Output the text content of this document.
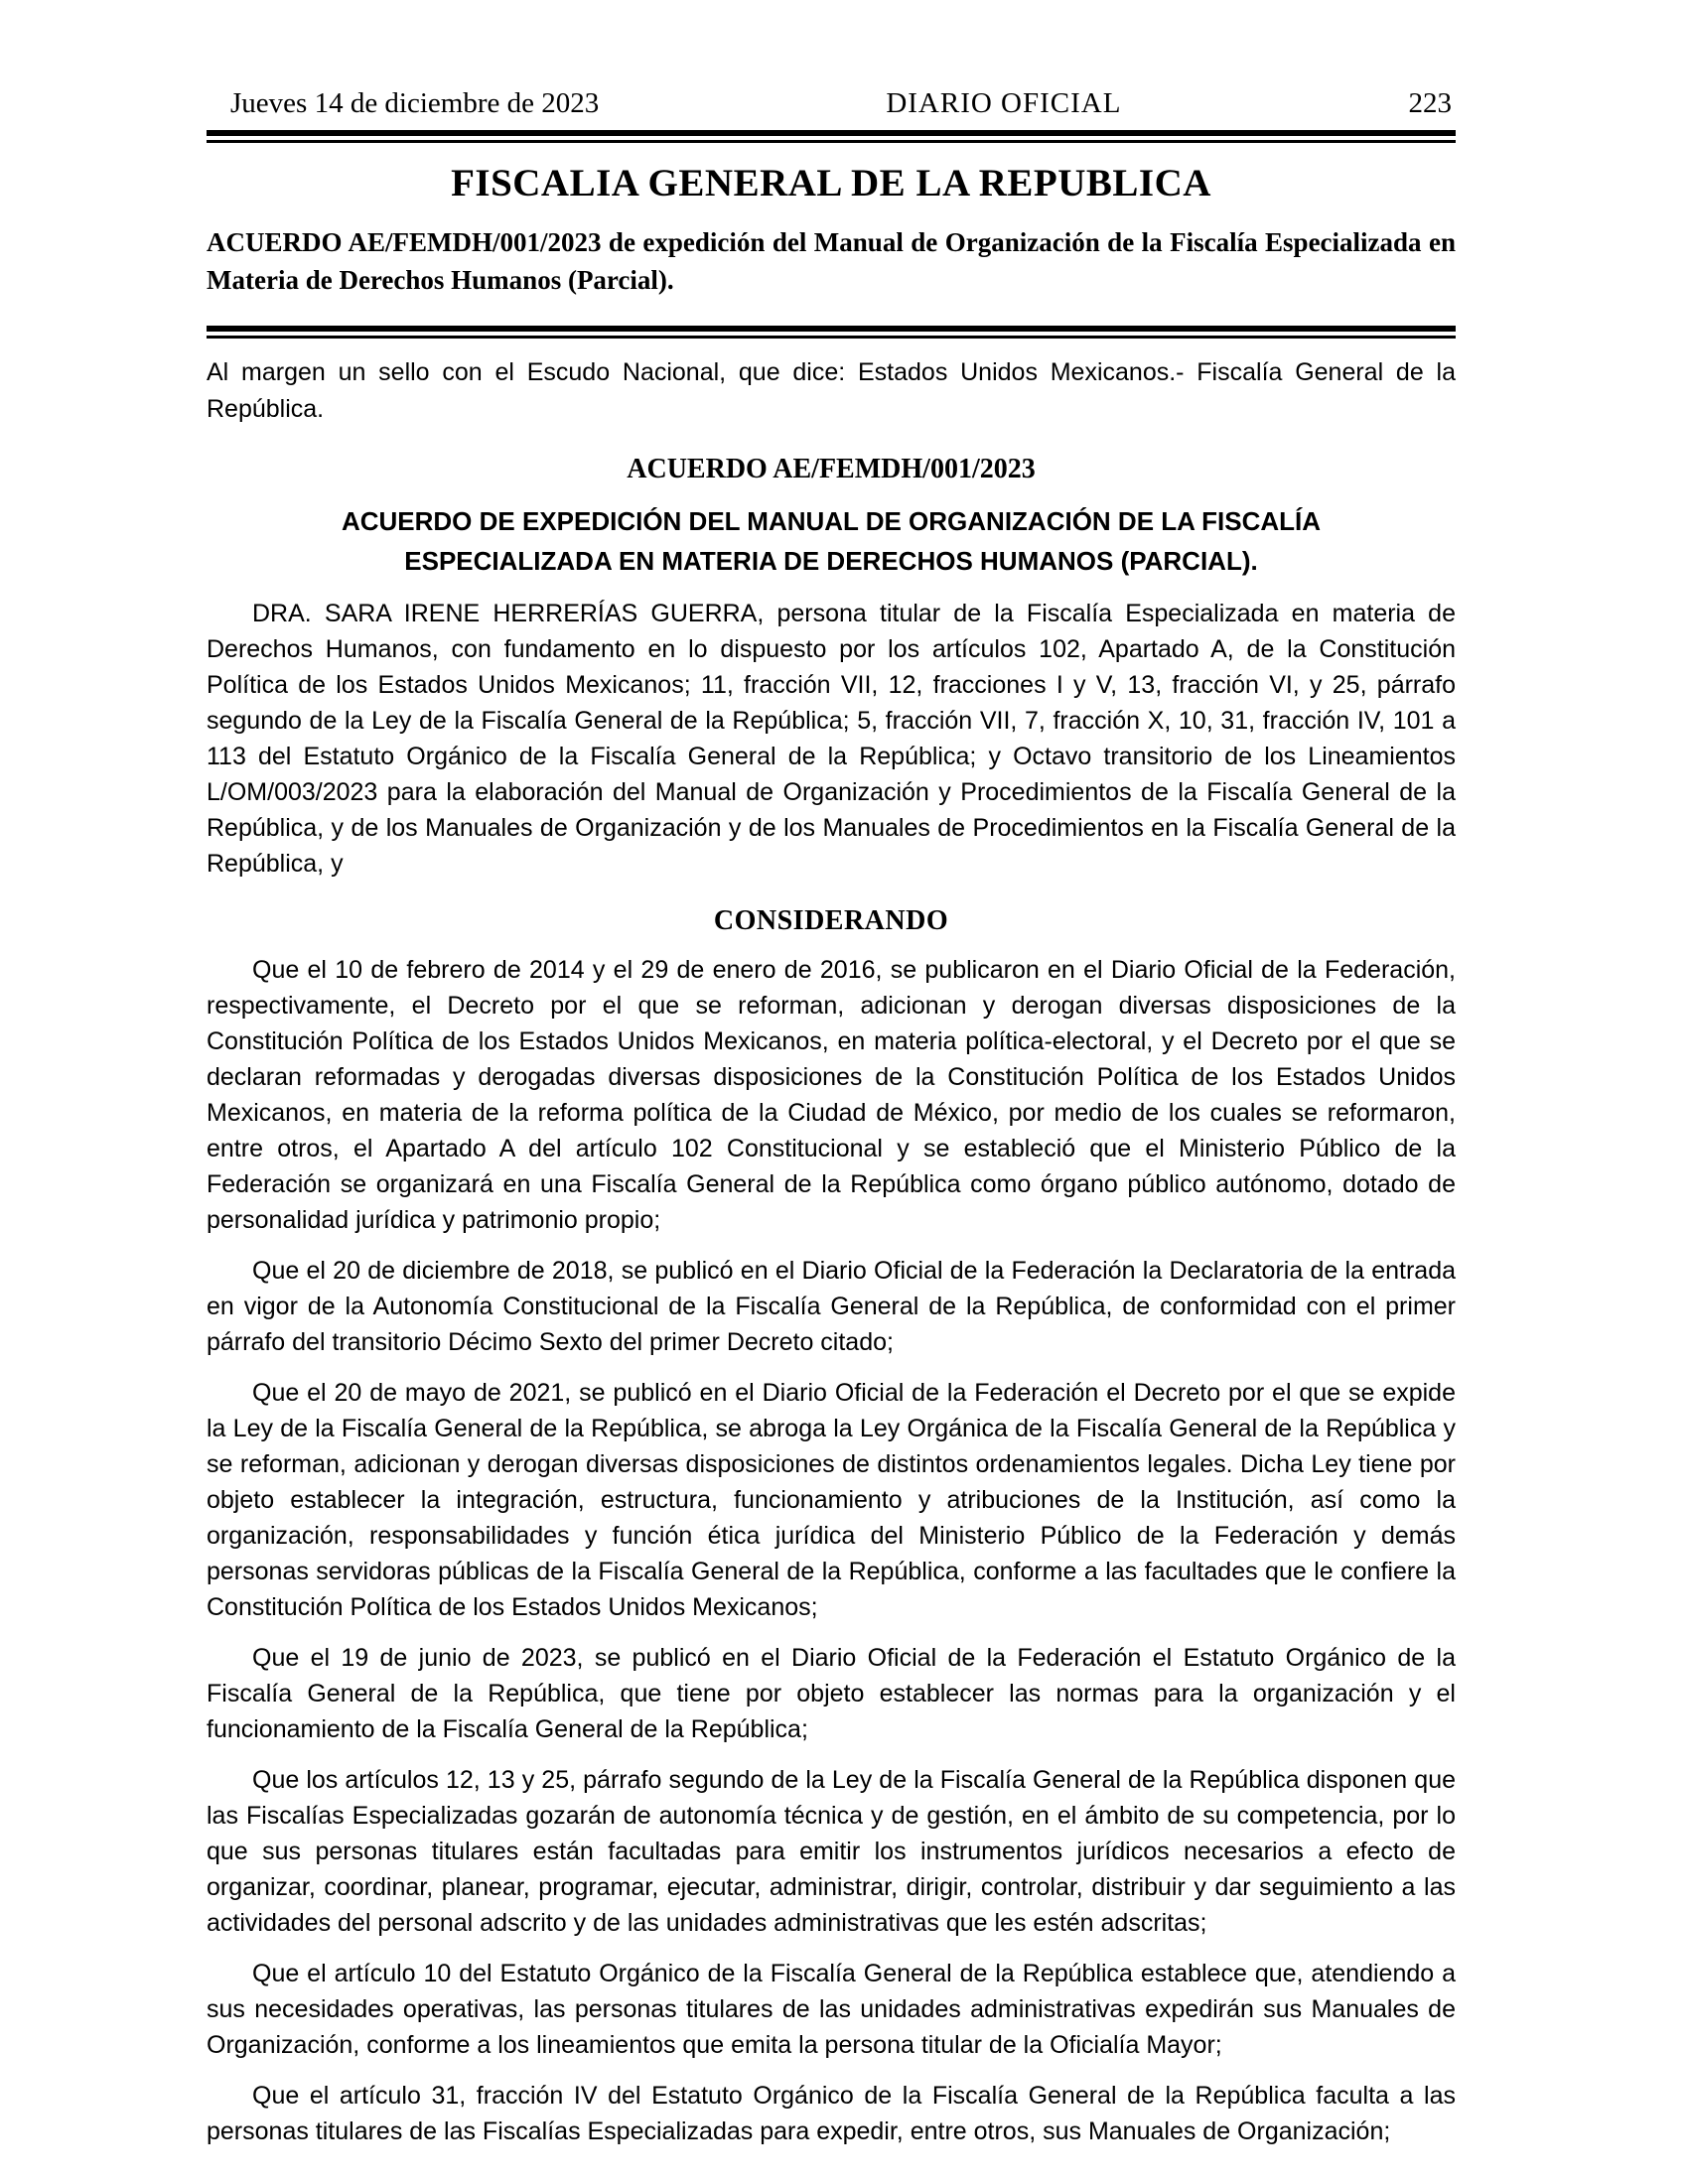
Jueves 14 de diciembre de 2023	DIARIO OFICIAL	223
FISCALIA GENERAL DE LA REPUBLICA

ACUERDO AE/FEMDH/001/2023 de expedición del Manual de Organización de la Fiscalía Especializada en Materia de Derechos Humanos (Parcial).

Al margen un sello con el Escudo Nacional, que dice: Estados Unidos Mexicanos.- Fiscalía General de la República.

ACUERDO AE/FEMDH/001/2023
ACUERDO DE EXPEDICIÓN DEL MANUAL DE ORGANIZACIÓN DE LA FISCALÍA
ESPECIALIZADA EN MATERIA DE DERECHOS HUMANOS (PARCIAL).

DRA. SARA IRENE HERRERÍAS GUERRA, persona titular de la Fiscalía Especializada en materia de Derechos Humanos, con fundamento en lo dispuesto por los artículos 102, Apartado A, de la Constitución Política de los Estados Unidos Mexicanos; 11, fracción VII, 12, fracciones I y V, 13, fracción VI, y 25, párrafo segundo de la Ley de la Fiscalía General de la República; 5, fracción VII, 7, fracción X, 10, 31, fracción IV, 101 a 113 del Estatuto Orgánico de la Fiscalía General de la República; y Octavo transitorio de los Lineamientos L/OM/003/2023 para la elaboración del Manual de Organización y Procedimientos de la Fiscalía General de la República, y de los Manuales de Organización y de los Manuales de Procedimientos en la Fiscalía General de la República, y

CONSIDERANDO

Que el 10 de febrero de 2014 y el 29 de enero de 2016, se publicaron en el Diario Oficial de la Federación, respectivamente, el Decreto por el que se reforman, adicionan y derogan diversas disposiciones de la Constitución Política de los Estados Unidos Mexicanos, en materia política-electoral, y el Decreto por el que se declaran reformadas y derogadas diversas disposiciones de la Constitución Política de los Estados Unidos Mexicanos, en materia de la reforma política de la Ciudad de México, por medio de los cuales se reformaron, entre otros, el Apartado A del artículo 102 Constitucional y se estableció que el Ministerio Público de la Federación se organizará en una Fiscalía General de la República como órgano público autónomo, dotado de personalidad jurídica y patrimonio propio;

Que el 20 de diciembre de 2018, se publicó en el Diario Oficial de la Federación la Declaratoria de la entrada en vigor de la Autonomía Constitucional de la Fiscalía General de la República, de conformidad con el primer párrafo del transitorio Décimo Sexto del primer Decreto citado;

Que el 20 de mayo de 2021, se publicó en el Diario Oficial de la Federación el Decreto por el que se expide la Ley de la Fiscalía General de la República, se abroga la Ley Orgánica de la Fiscalía General de la República y se reforman, adicionan y derogan diversas disposiciones de distintos ordenamientos legales. Dicha Ley tiene por objeto establecer la integración, estructura, funcionamiento y atribuciones de la Institución, así como la organización, responsabilidades y función ética jurídica del Ministerio Público de la Federación y demás personas servidoras públicas de la Fiscalía General de la República, conforme a las facultades que le confiere la Constitución Política de los Estados Unidos Mexicanos;

Que el 19 de junio de 2023, se publicó en el Diario Oficial de la Federación el Estatuto Orgánico de la Fiscalía General de la República, que tiene por objeto establecer las normas para la organización y el funcionamiento de la Fiscalía General de la República;

Que los artículos 12, 13 y 25, párrafo segundo de la Ley de la Fiscalía General de la República disponen que las Fiscalías Especializadas gozarán de autonomía técnica y de gestión, en el ámbito de su competencia, por lo que sus personas titulares están facultadas para emitir los instrumentos jurídicos necesarios a efecto de organizar, coordinar, planear, programar, ejecutar, administrar, dirigir, controlar, distribuir y dar seguimiento a las actividades del personal adscrito y de las unidades administrativas que les estén adscritas;

Que el artículo 10 del Estatuto Orgánico de la Fiscalía General de la República establece que, atendiendo a sus necesidades operativas, las personas titulares de las unidades administrativas expedirán sus Manuales de Organización, conforme a los lineamientos que emita la persona titular de la Oficialía Mayor;

Que el artículo 31, fracción IV del Estatuto Orgánico de la Fiscalía General de la República faculta a las personas titulares de las Fiscalías Especializadas para expedir, entre otros, sus Manuales de Organización;
